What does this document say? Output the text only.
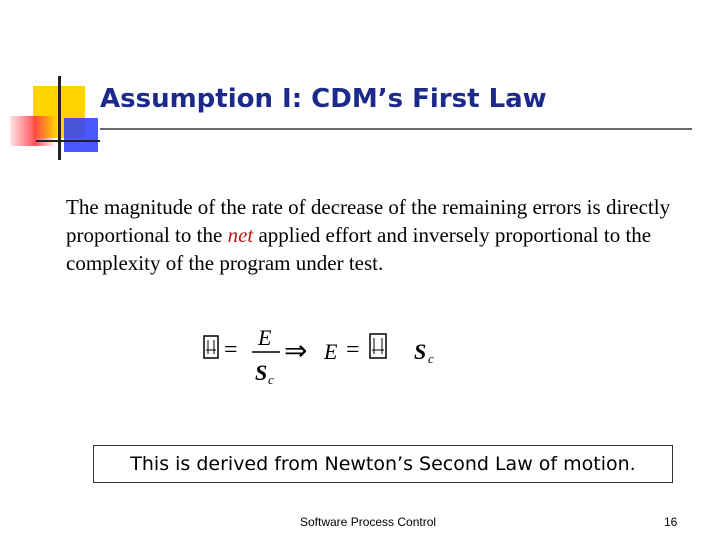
Assumption I: CDM’s First Law
The magnitude of the rate of decrease of the remaining errors is directly proportional to the net applied effort and inversely proportional to the complexity of the program under test.
= E
S c
⇒ E = S c
This is derived from Newton’s Second Law of motion.
Software Process Control	16
